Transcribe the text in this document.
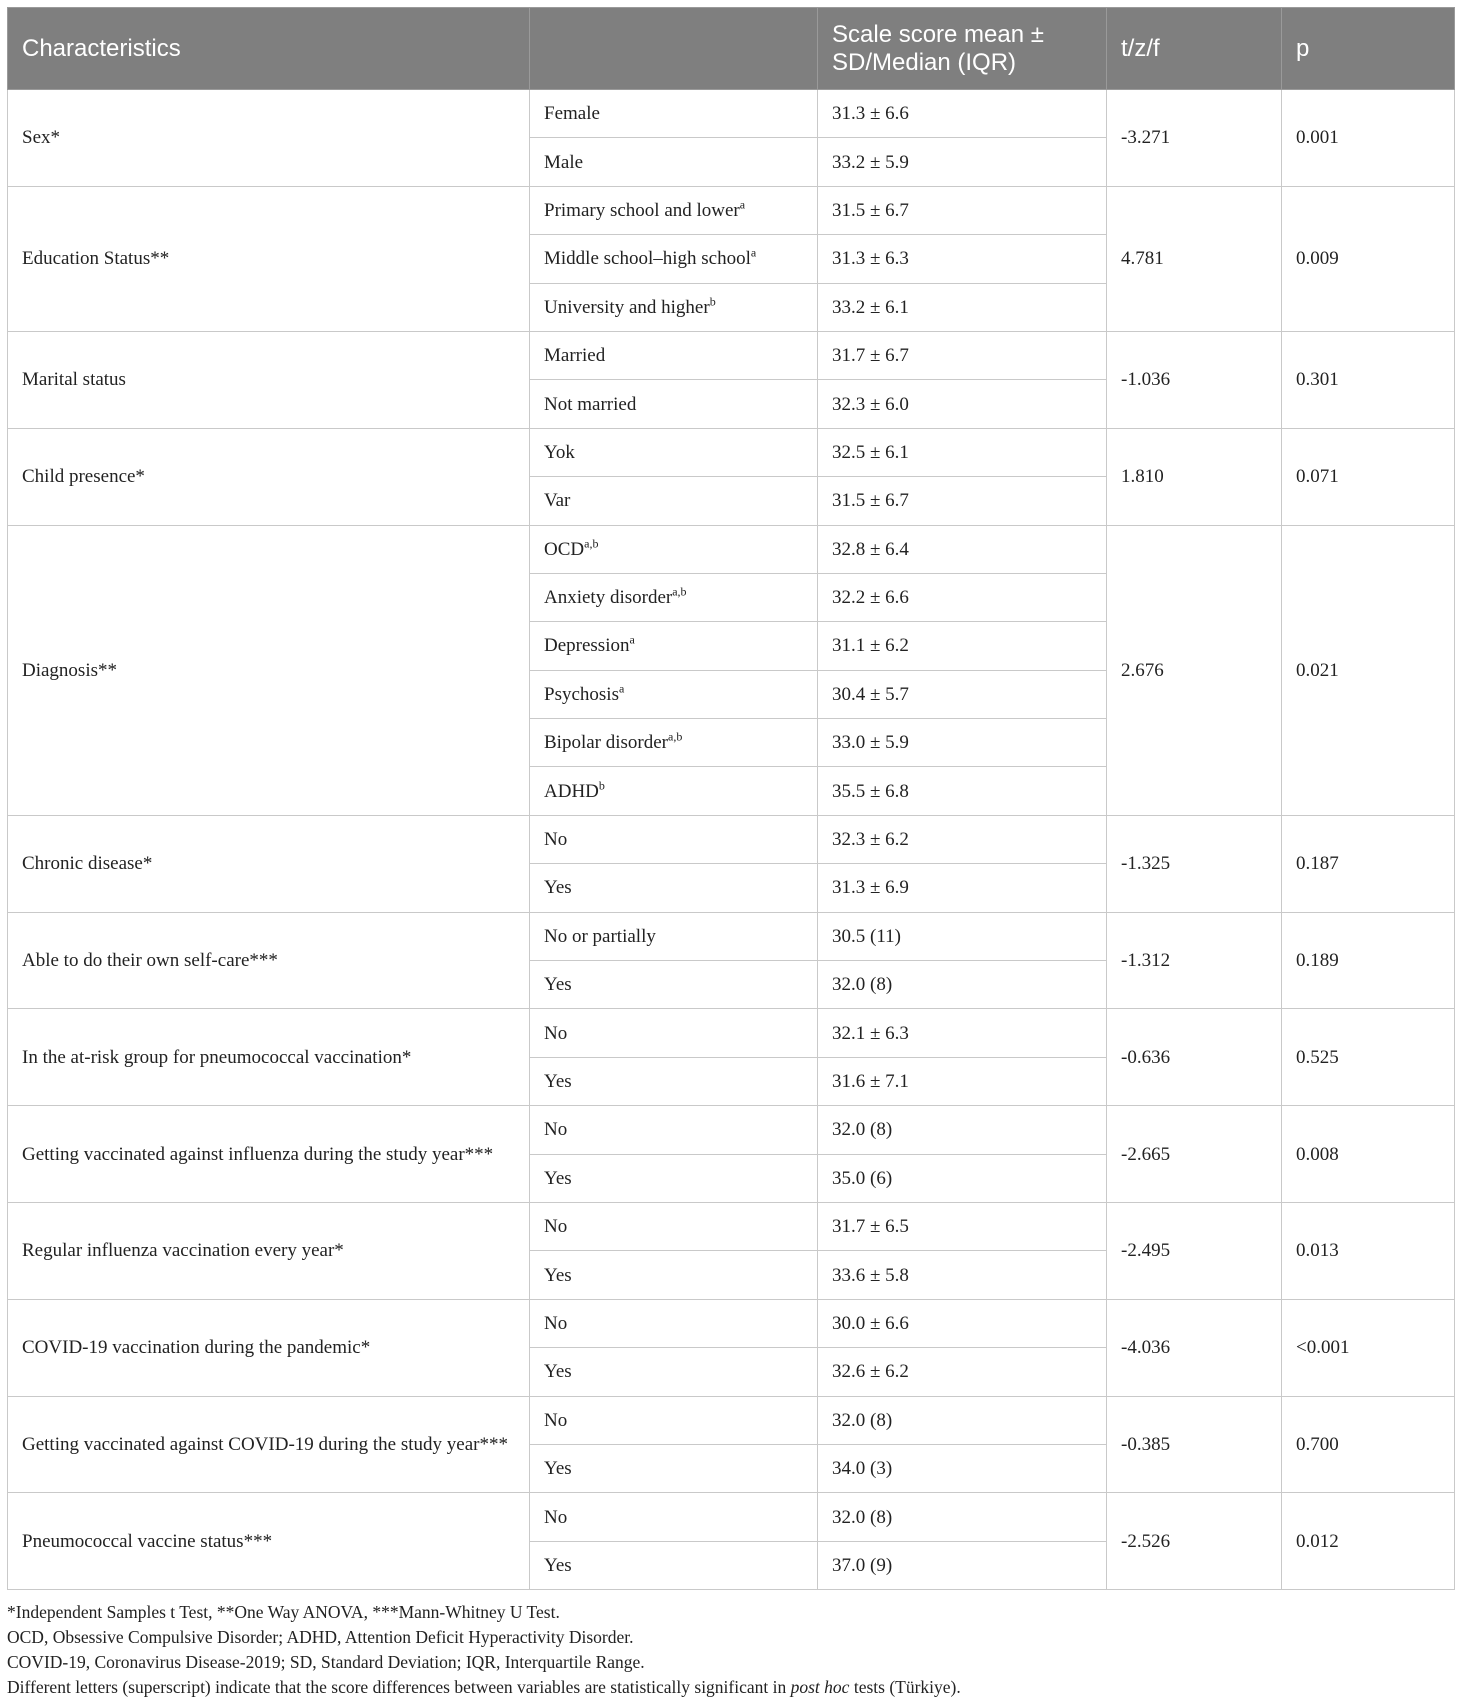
Characteristics		Scale score mean ± SD/Median (IQR)	t/z/f	p
Sex*	Female	31.3 ± 6.6	-3.271	0.001
	Male	33.2 ± 5.9		
Education Status**	Primary school and lower$^a$	31.5 ± 6.7	4.781	0.009
	Middle school–high school$^a$	31.3 ± 6.3		
	University and higher$^b$	33.2 ± 6.1		
Marital status	Married	31.7 ± 6.7	-1.036	0.301
	Not married	32.3 ± 6.0		
Child presence*	Yok	32.5 ± 6.1	1.810	0.071
	Var	31.5 ± 6.7		
Diagnosis**	OCD$^{a,b}$	32.8 ± 6.4	2.676	0.021
	Anxiety disorder$^{a,b}$	32.2 ± 6.6		
	Depression$^a$	31.1 ± 6.2		
	Psychosis$^a$	30.4 ± 5.7		
	Bipolar disorder$^{a,b}$	33.0 ± 5.9		
	ADHD$^b$	35.5 ± 6.8		
Chronic disease*	No	32.3 ± 6.2	-1.325	0.187
	Yes	31.3 ± 6.9		
Able to do their own self-care***	No or partially	30.5 (11)	-1.312	0.189
	Yes	32.0 (8)		
In the at-risk group for pneumococcal vaccination*	No	32.1 ± 6.3	-0.636	0.525
	Yes	31.6 ± 7.1		
Getting vaccinated against influenza during the study year***	No	32.0 (8)	-2.665	0.008
	Yes	35.0 (6)		
Regular influenza vaccination every year*	No	31.7 ± 6.5	-2.495	0.013
	Yes	33.6 ± 5.8		
COVID-19 vaccination during the pandemic*	No	30.0 ± 6.6	-4.036	<0.001
	Yes	32.6 ± 6.2		
Getting vaccinated against COVID-19 during the study year***	No	32.0 (8)	-0.385	0.700
	Yes	34.0 (3)		
Pneumococcal vaccine status***	No	32.0 (8)	-2.526	0.012
	Yes	37.0 (9)		
*Independent Samples t Test, **One Way ANOVA, ***Mann-Whitney U Test.
OCD, Obsessive Compulsive Disorder; ADHD, Attention Deficit Hyperactivity Disorder.
COVID-19, Coronavirus Disease-2019; SD, Standard Deviation; IQR, Interquartile Range.
Different letters (superscript) indicate that the score differences between variables are statistically significant in post hoc tests (Türkiye).
